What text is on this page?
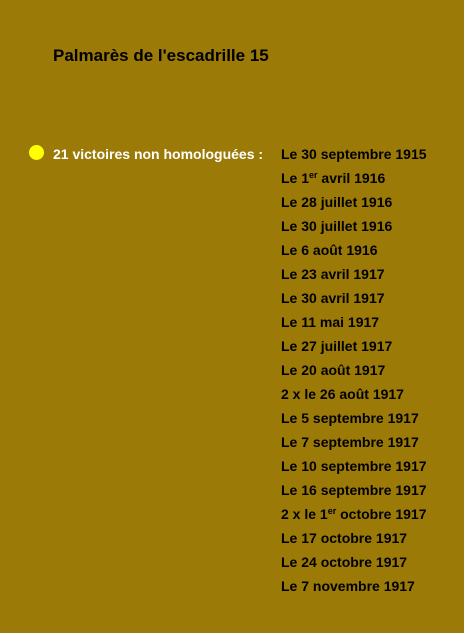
Palmarès de l'escadrille 15
21 victoires non homologuées : Le 30 septembre 1915
Le 1er avril 1916
Le 28 juillet 1916
Le 30 juillet 1916
Le 6 août 1916
Le 23 avril 1917
Le 30 avril 1917
Le 11 mai 1917
Le 27 juillet 1917
Le 20 août 1917
2 x le 26 août 1917
Le 5 septembre 1917
Le 7 septembre 1917
Le 10 septembre 1917
Le 16 septembre 1917
2 x le 1er octobre 1917
Le 17 octobre 1917
Le 24 octobre 1917
Le 7 novembre 1917
